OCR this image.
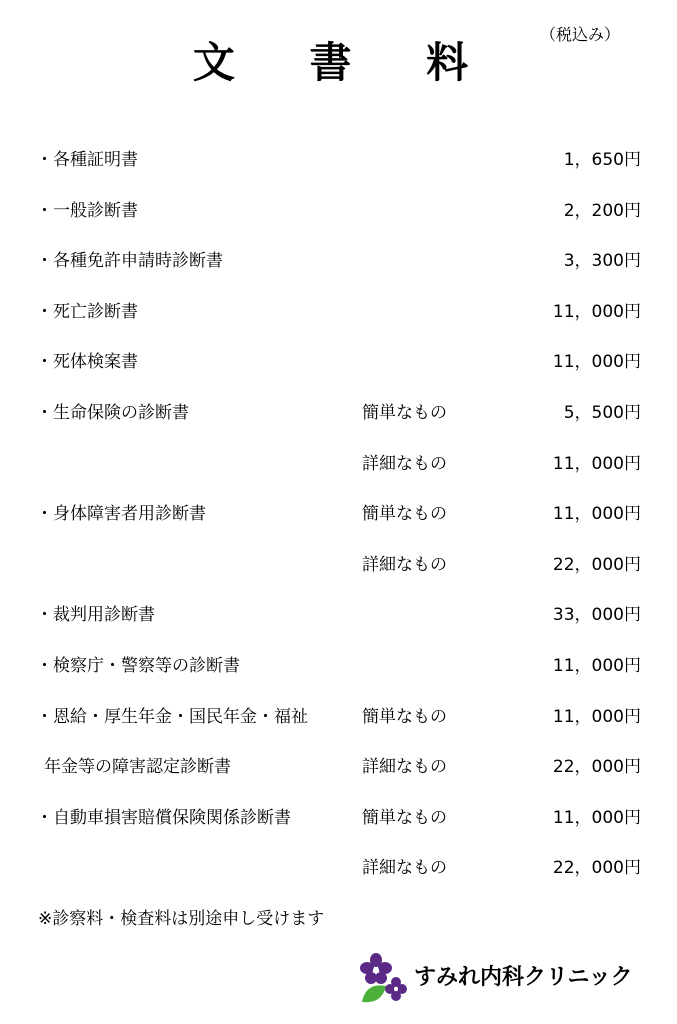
文 書 料
（税込み）
・各種証明書	1，650円
・一般診断書	2，200円
・各種免許申請時診断書	3，300円
・死亡診断書	11，000円
・死体検案書	11，000円
・生命保険の診断書	簡単なもの	5，500円
詳細なもの	11，000円
・身体障害者用診断書	簡単なもの	11，000円
詳細なもの	22，000円
・裁判用診断書	33，000円
・検察庁・警察等の診断書	11，000円
・恩給・厚生年金・国民年金・福祉	簡単なもの	11，000円
年金等の障害認定診断書	詳細なもの	22，000円
・自動車損害賠償保険関係診断書	簡単なもの	11，000円
詳細なもの	22，000円
※診察料・検査料は別途申し受けます
すみれ内科クリニック
